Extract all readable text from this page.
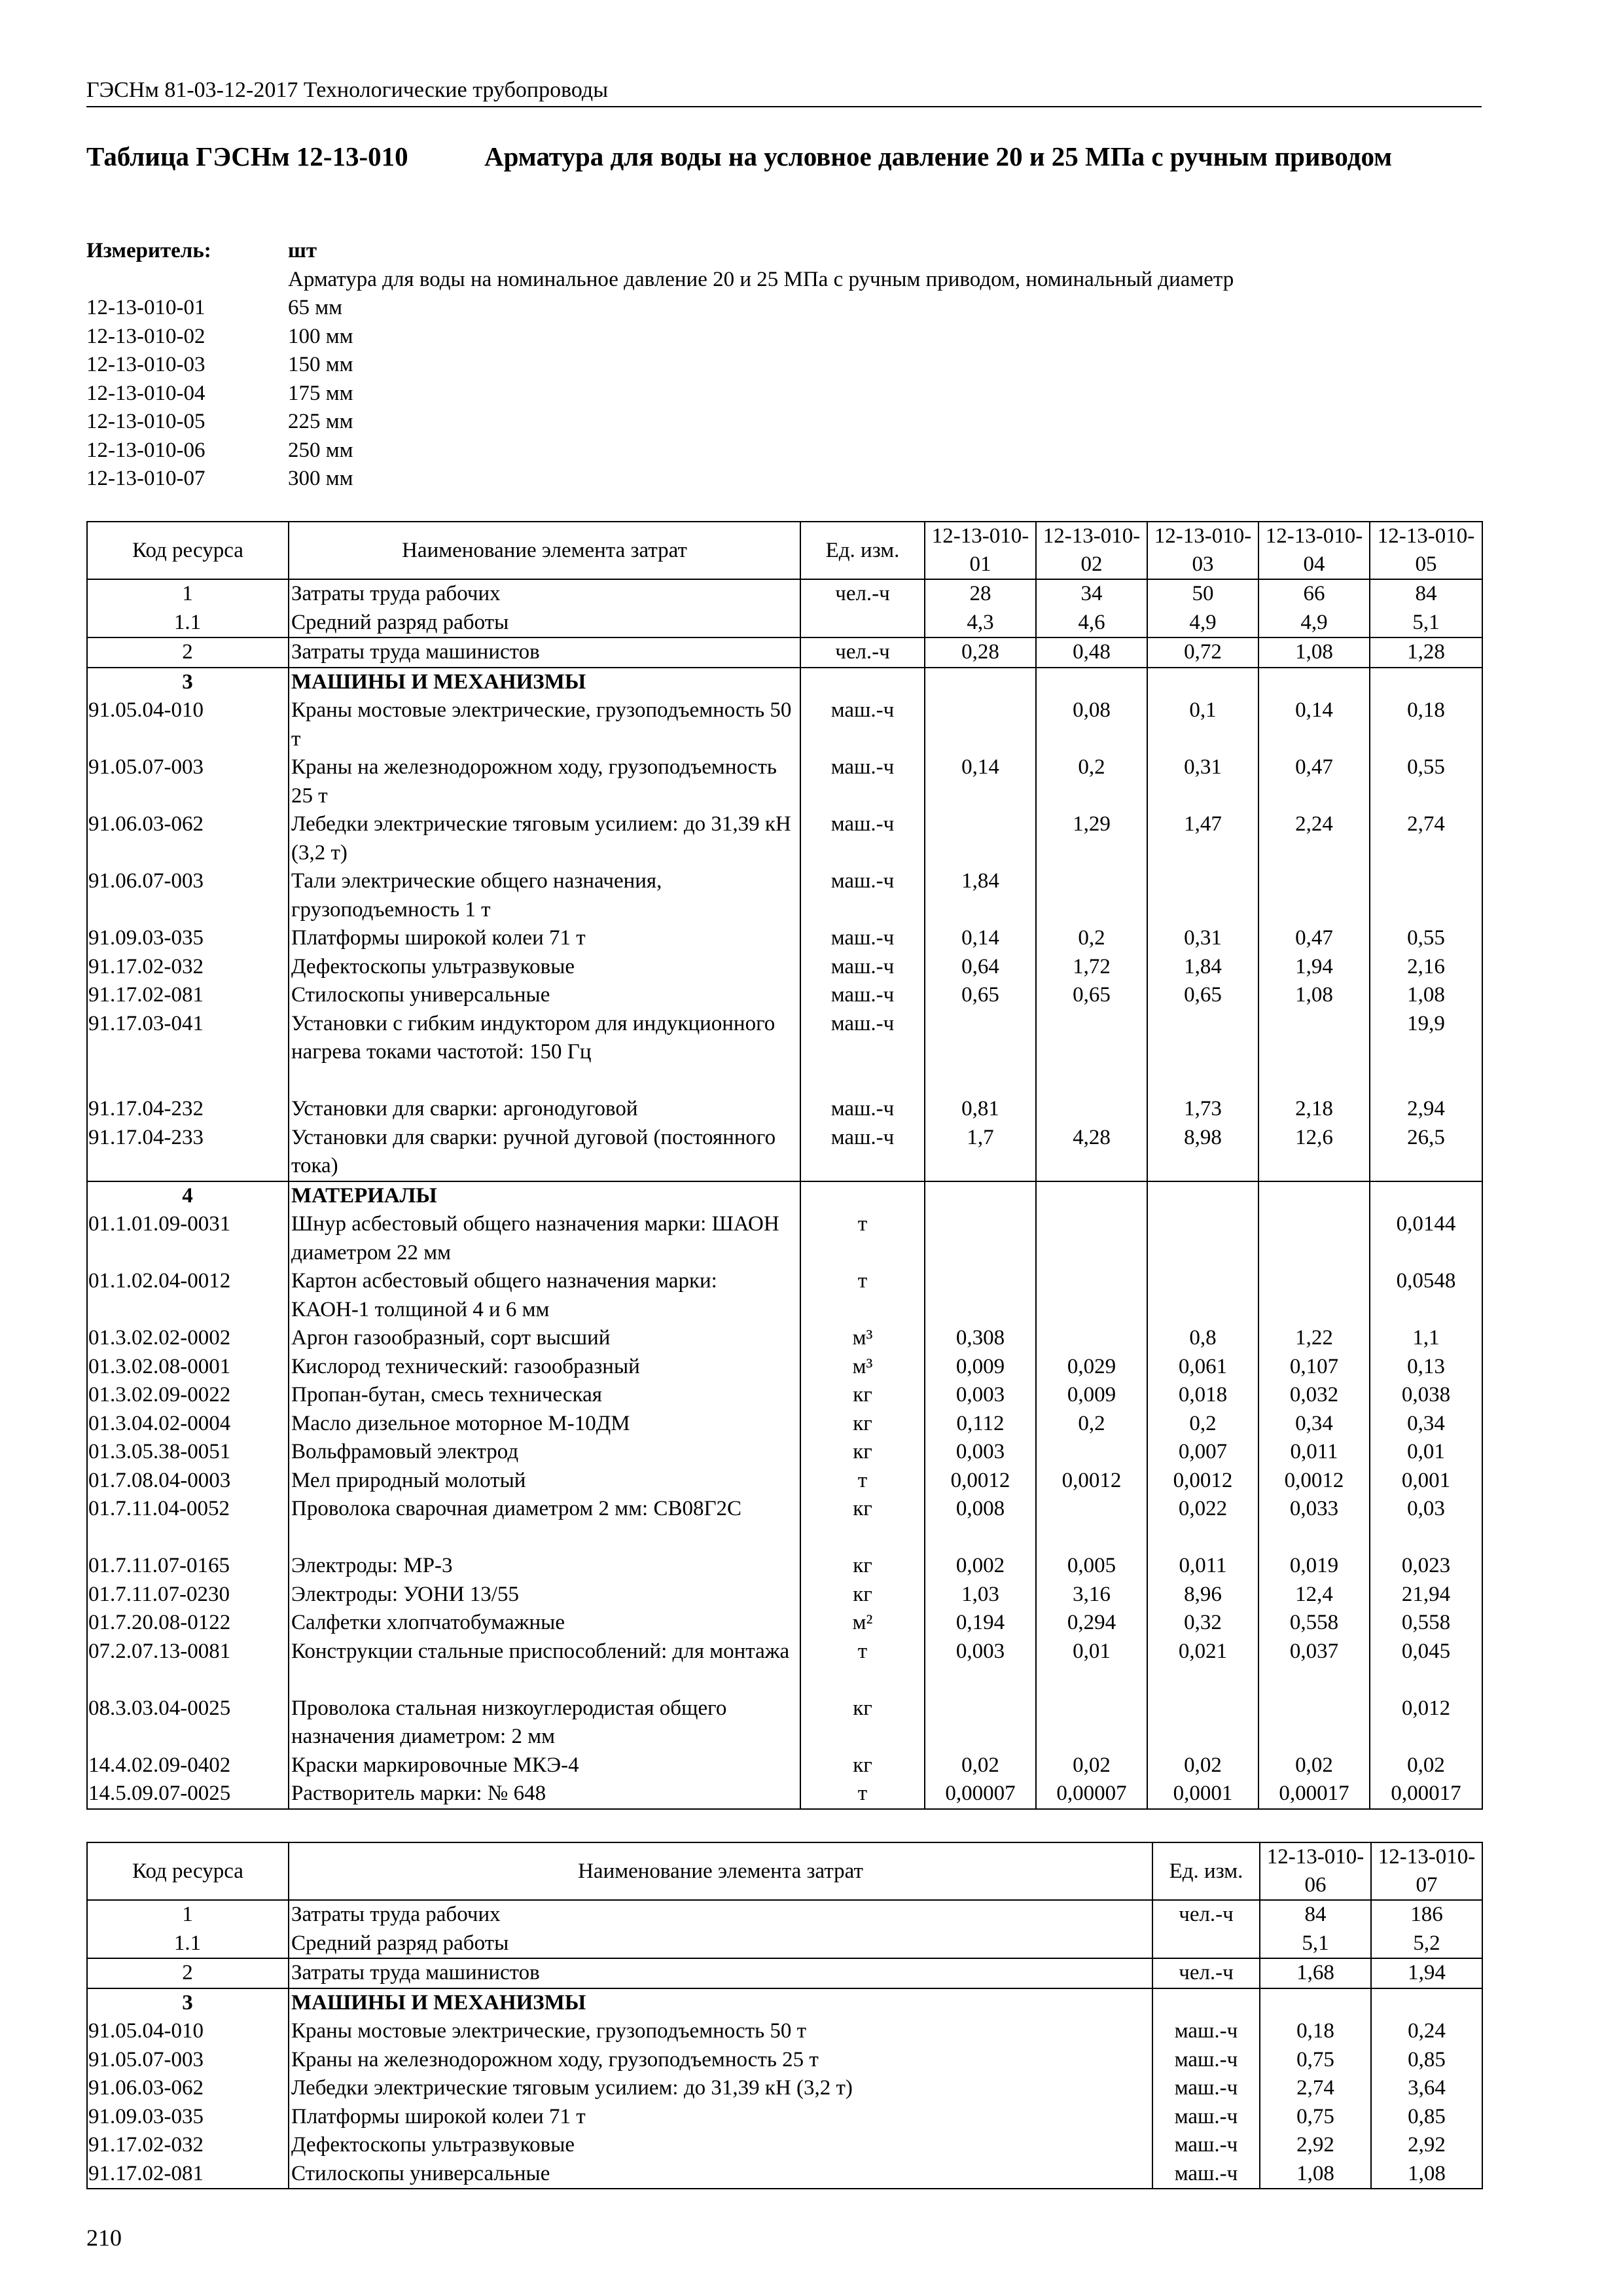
ГЭСНм 81-03-12-2017 Технологические трубопроводы
Таблица ГЭСНм 12-13-010	Арматура для воды на условное давление 20 и 25 МПа с ручным приводом
Измеритель:	шт
Арматура для воды на номинальное давление 20 и 25 МПа с ручным приводом, номинальный диаметр
12-13-010-01	65 мм
12-13-010-02	100 мм
12-13-010-03	150 мм
12-13-010-04	175 мм
12-13-010-05	225 мм
12-13-010-06	250 мм
12-13-010-07	300 мм
Код ресурса	Наименование элемента затрат	Ед. изм.	12-13-010-01	12-13-010-02	12-13-010-03	12-13-010-04	12-13-010-05
1	Затраты труда рабочих	чел.-ч	28	34	50	66	84
1.1	Средний разряд работы		4,3	4,6	4,9	4,9	5,1
2	Затраты труда машинистов	чел.-ч	0,28	0,48	0,72	1,08	1,28
3	МАШИНЫ И МЕХАНИЗМЫ						
91.05.04-010	Краны мостовые электрические, грузоподъемность 50 т	маш.-ч		0,08	0,1	0,14	0,18
91.05.07-003	Краны на железнодорожном ходу, грузоподъемность 25 т	маш.-ч	0,14	0,2	0,31	0,47	0,55
91.06.03-062	Лебедки электрические тяговым усилием: до 31,39 кН (3,2 т)	маш.-ч		1,29	1,47	2,24	2,74
91.06.07-003	Тали электрические общего назначения, грузоподъемность 1 т	маш.-ч	1,84				
91.09.03-035	Платформы широкой колеи 71 т	маш.-ч	0,14	0,2	0,31	0,47	0,55
91.17.02-032	Дефектоскопы ультразвуковые	маш.-ч	0,64	1,72	1,84	1,94	2,16
91.17.02-081	Стилоскопы универсальные	маш.-ч	0,65	0,65	0,65	1,08	1,08
91.17.03-041	Установки с гибким индуктором для индукционного нагрева токами частотой: 150 Гц	маш.-ч					19,9
91.17.04-232	Установки для сварки: аргонодуговой	маш.-ч	0,81		1,73	2,18	2,94
91.17.04-233	Установки для сварки: ручной дуговой (постоянного тока)	маш.-ч	1,7	4,28	8,98	12,6	26,5
4	МАТЕРИАЛЫ						
01.1.01.09-0031	Шнур асбестовый общего назначения марки: ШАОН диаметром 22 мм	т					0,0144
01.1.02.04-0012	Картон асбестовый общего назначения марки: КАОН-1 толщиной 4 и 6 мм	т					0,0548
01.3.02.02-0002	Аргон газообразный, сорт высший	м³	0,308		0,8	1,22	1,1
01.3.02.08-0001	Кислород технический: газообразный	м³	0,009	0,029	0,061	0,107	0,13
01.3.02.09-0022	Пропан-бутан, смесь техническая	кг	0,003	0,009	0,018	0,032	0,038
01.3.04.02-0004	Масло дизельное моторное М-10ДМ	кг	0,112	0,2	0,2	0,34	0,34
01.3.05.38-0051	Вольфрамовый электрод	кг	0,003		0,007	0,011	0,01
01.7.08.04-0003	Мел природный молотый	т	0,0012	0,0012	0,0012	0,0012	0,001
01.7.11.04-0052	Проволока сварочная диаметром 2 мм: СВ08Г2С	кг	0,008		0,022	0,033	0,03
01.7.11.07-0165	Электроды: МР-3	кг	0,002	0,005	0,011	0,019	0,023
01.7.11.07-0230	Электроды: УОНИ 13/55	кг	1,03	3,16	8,96	12,4	21,94
01.7.20.08-0122	Салфетки хлопчатобумажные	м²	0,194	0,294	0,32	0,558	0,558
07.2.07.13-0081	Конструкции стальные приспособлений: для монтажа	т	0,003	0,01	0,021	0,037	0,045
08.3.03.04-0025	Проволока стальная низкоуглеродистая общего назначения диаметром: 2 мм	кг					0,012
14.4.02.09-0402	Краски маркировочные МКЭ-4	кг	0,02	0,02	0,02	0,02	0,02
14.5.09.07-0025	Растворитель марки: № 648	т	0,00007	0,00007	0,0001	0,00017	0,00017
Код ресурса	Наименование элемента затрат	Ед. изм.	12-13-010-06	12-13-010-07
1	Затраты труда рабочих	чел.-ч	84	186
1.1	Средний разряд работы		5,1	5,2
2	Затраты труда машинистов	чел.-ч	1,68	1,94
3	МАШИНЫ И МЕХАНИЗМЫ			
91.05.04-010	Краны мостовые электрические, грузоподъемность 50 т	маш.-ч	0,18	0,24
91.05.07-003	Краны на железнодорожном ходу, грузоподъемность 25 т	маш.-ч	0,75	0,85
91.06.03-062	Лебедки электрические тяговым усилием: до 31,39 кН (3,2 т)	маш.-ч	2,74	3,64
91.09.03-035	Платформы широкой колеи 71 т	маш.-ч	0,75	0,85
91.17.02-032	Дефектоскопы ультразвуковые	маш.-ч	2,92	2,92
91.17.02-081	Стилоскопы универсальные	маш.-ч	1,08	1,08
210
